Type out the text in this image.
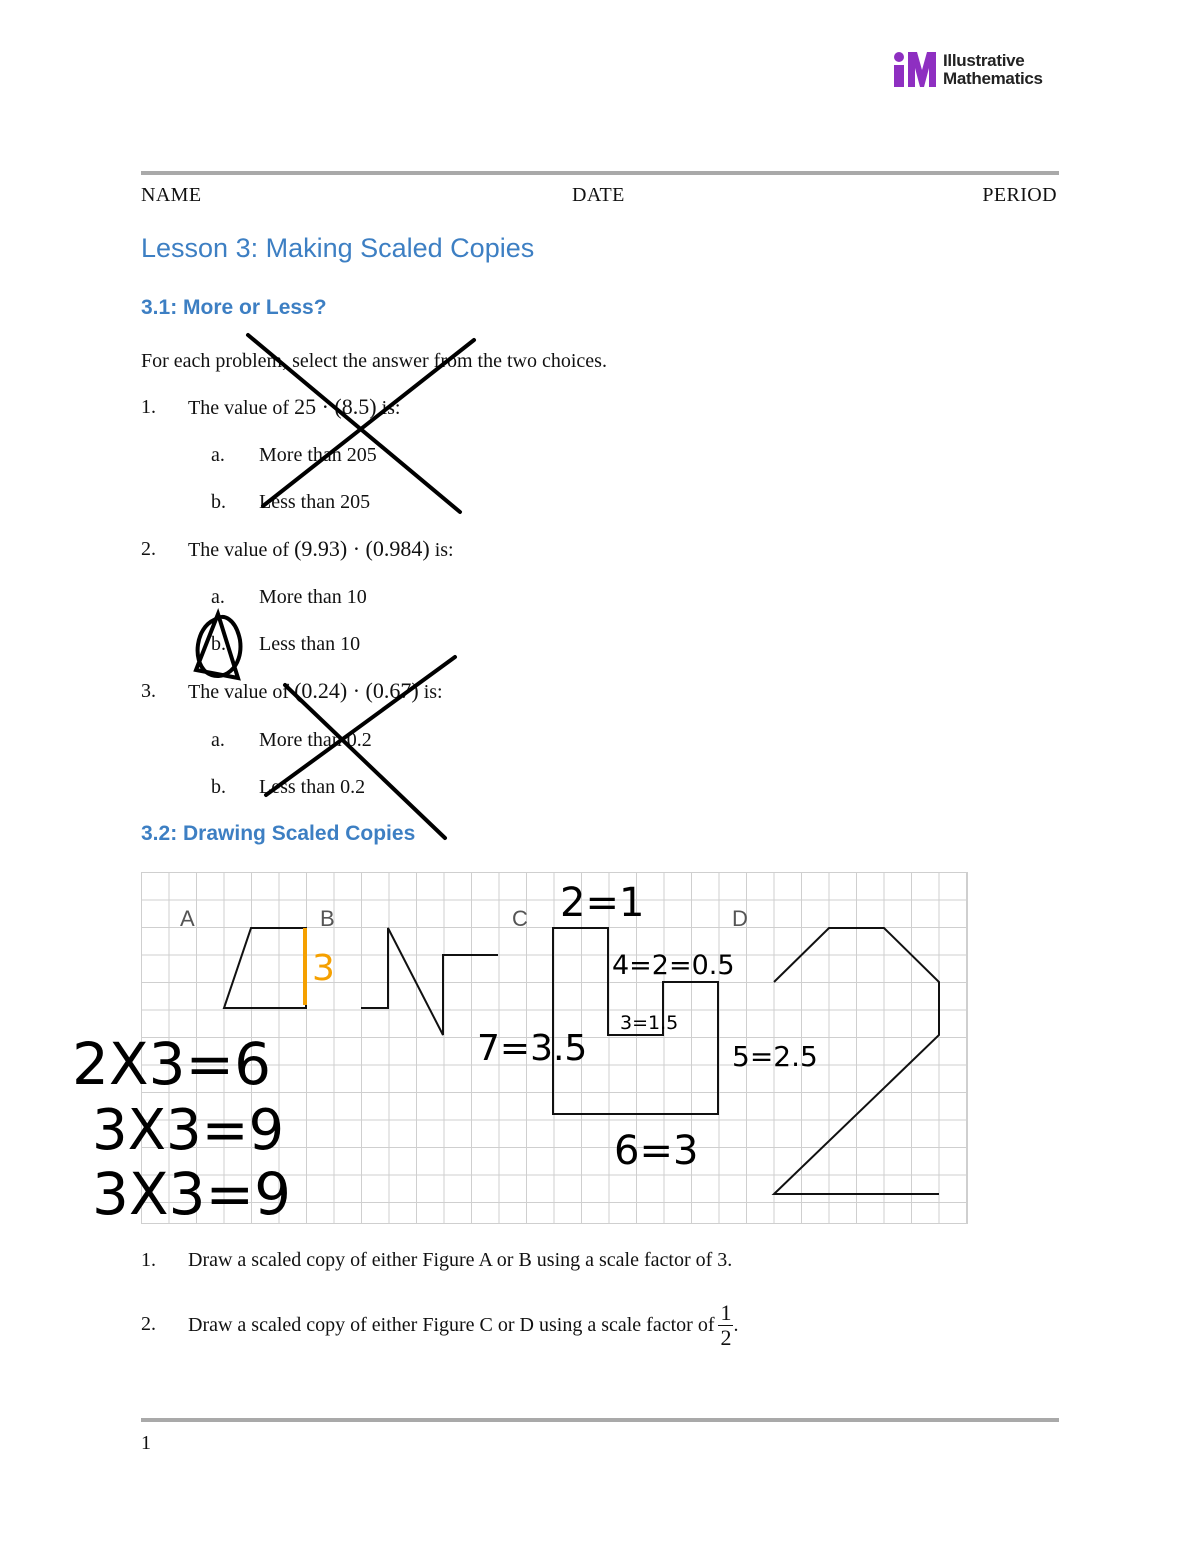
Illustrative
Mathematics
NAME	DATE	PERIOD
Lesson 3: Making Scaled Copies
3.1: More or Less?
For each problem, select the answer from the two choices.
1. The value of 25 · (8.5) is:
a. More than 205
b. Less than 205
2. The value of (9.93) · (0.984) is:
a. More than 10
b. Less than 10
3. The value of (0.24) · (0.67) is:
a. More than 0.2
b. Less than 0.2
3.2: Drawing Scaled Copies
A	B	C	D
3
2=1
4=2=0.5
3=1.5
7=3.5	5=2.5
6=3
2X3=6
3X3=9
3X3=9
1. Draw a scaled copy of either Figure A or B using a scale factor of 3.
2. Draw a scaled copy of either Figure C or D using a scale factor of $\frac{1}{2}$ .
1
